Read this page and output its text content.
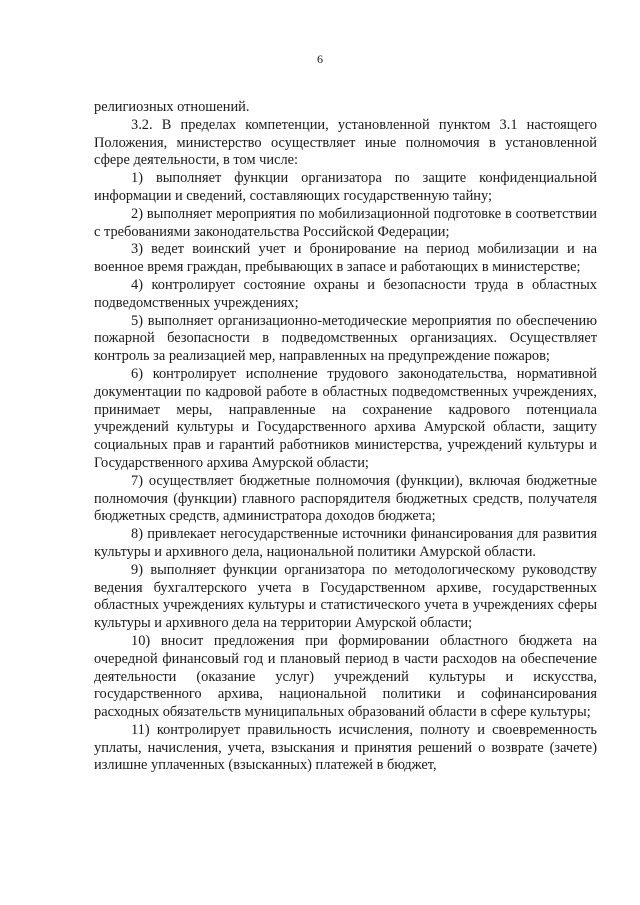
6

религиозных отношений.

3.2. В пределах компетенции, установленной пунктом 3.1 настоящего Положения, министерство осуществляет иные полномочия в установленной сфере деятельности, в том числе:

1) выполняет функции организатора по защите конфиденциальной информации и сведений, составляющих государственную тайну;

2) выполняет мероприятия по мобилизационной подготовке в соответствии с требованиями законодательства Российской Федерации;

3) ведет воинский учет и бронирование на период мобилизации и на военное время граждан, пребывающих в запасе и работающих в министерстве;

4) контролирует состояние охраны и безопасности труда в областных подведомственных учреждениях;

5) выполняет организационно-методические мероприятия по обеспечению пожарной безопасности в подведомственных организациях. Осуществляет контроль за реализацией мер, направленных на предупреждение пожаров;

6) контролирует исполнение трудового законодательства, нормативной документации по кадровой работе в областных подведомственных учреждениях, принимает меры, направленные на сохранение кадрового потенциала учреждений культуры и Государственного архива Амурской области, защиту социальных прав и гарантий работников министерства, учреждений культуры и Государственного архива Амурской области;

7) осуществляет бюджетные полномочия (функции), включая бюджетные полномочия (функции) главного распорядителя бюджетных средств, получателя бюджетных средств, администратора доходов бюджета;

8) привлекает негосударственные источники финансирования для развития культуры и архивного дела, национальной политики Амурской области.

9) выполняет функции организатора по методологическому руководству ведения бухгалтерского учета в Государственном архиве, государственных областных учреждениях культуры и статистического учета в учреждениях сферы культуры и архивного дела на территории Амурской области;

10) вносит предложения при формировании областного бюджета на очередной финансовый год и плановый период в части расходов на обеспечение деятельности (оказание услуг) учреждений культуры и искусства, государственного архива, национальной политики и софинансирования расходных обязательств муниципальных образований области в сфере культуры;

11) контролирует правильность исчисления, полноту и своевременность уплаты, начисления, учета, взыскания и принятия решений о возврате (зачете) излишне уплаченных (взысканных) платежей в бюджет,
